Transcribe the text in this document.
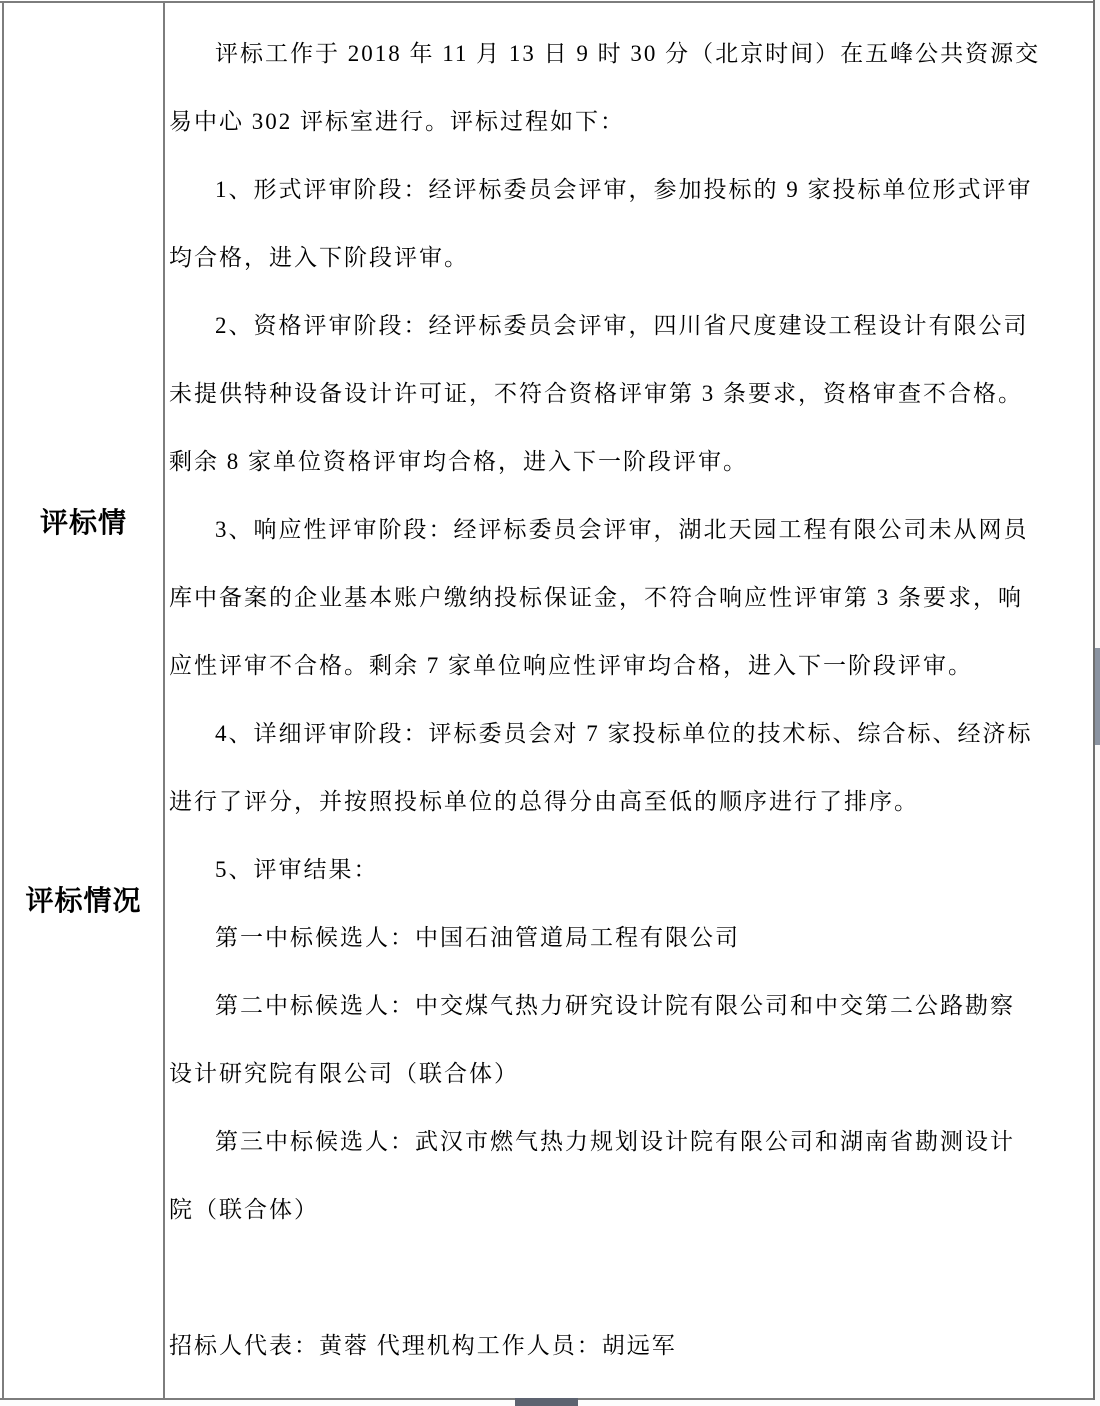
评标情
评标情况
评标工作于 2018 年 11 月 13 日 9 时 30 分（北京时间）在五峰公共资源交
易中心 302 评标室进行。评标过程如下：
1、形式评审阶段：经评标委员会评审，参加投标的 9 家投标单位形式评审
均合格，进入下阶段评审。
2、资格评审阶段：经评标委员会评审，四川省尺度建设工程设计有限公司
未提供特种设备设计许可证，不符合资格评审第 3 条要求，资格审查不合格。
剩余 8 家单位资格评审均合格，进入下一阶段评审。
3、响应性评审阶段：经评标委员会评审，湖北天园工程有限公司未从网员
库中备案的企业基本账户缴纳投标保证金，不符合响应性评审第 3 条要求，响
应性评审不合格。剩余 7 家单位响应性评审均合格，进入下一阶段评审。
4、详细评审阶段：评标委员会对 7 家投标单位的技术标、综合标、经济标
进行了评分，并按照投标单位的总得分由高至低的顺序进行了排序。
5、评审结果：
第一中标候选人：中国石油管道局工程有限公司
第二中标候选人：中交煤气热力研究设计院有限公司和中交第二公路勘察
设计研究院有限公司（联合体）
第三中标候选人：武汉市燃气热力规划设计院有限公司和湖南省勘测设计
院（联合体）
招标人代表：黄蓉 代理机构工作人员：胡远军
